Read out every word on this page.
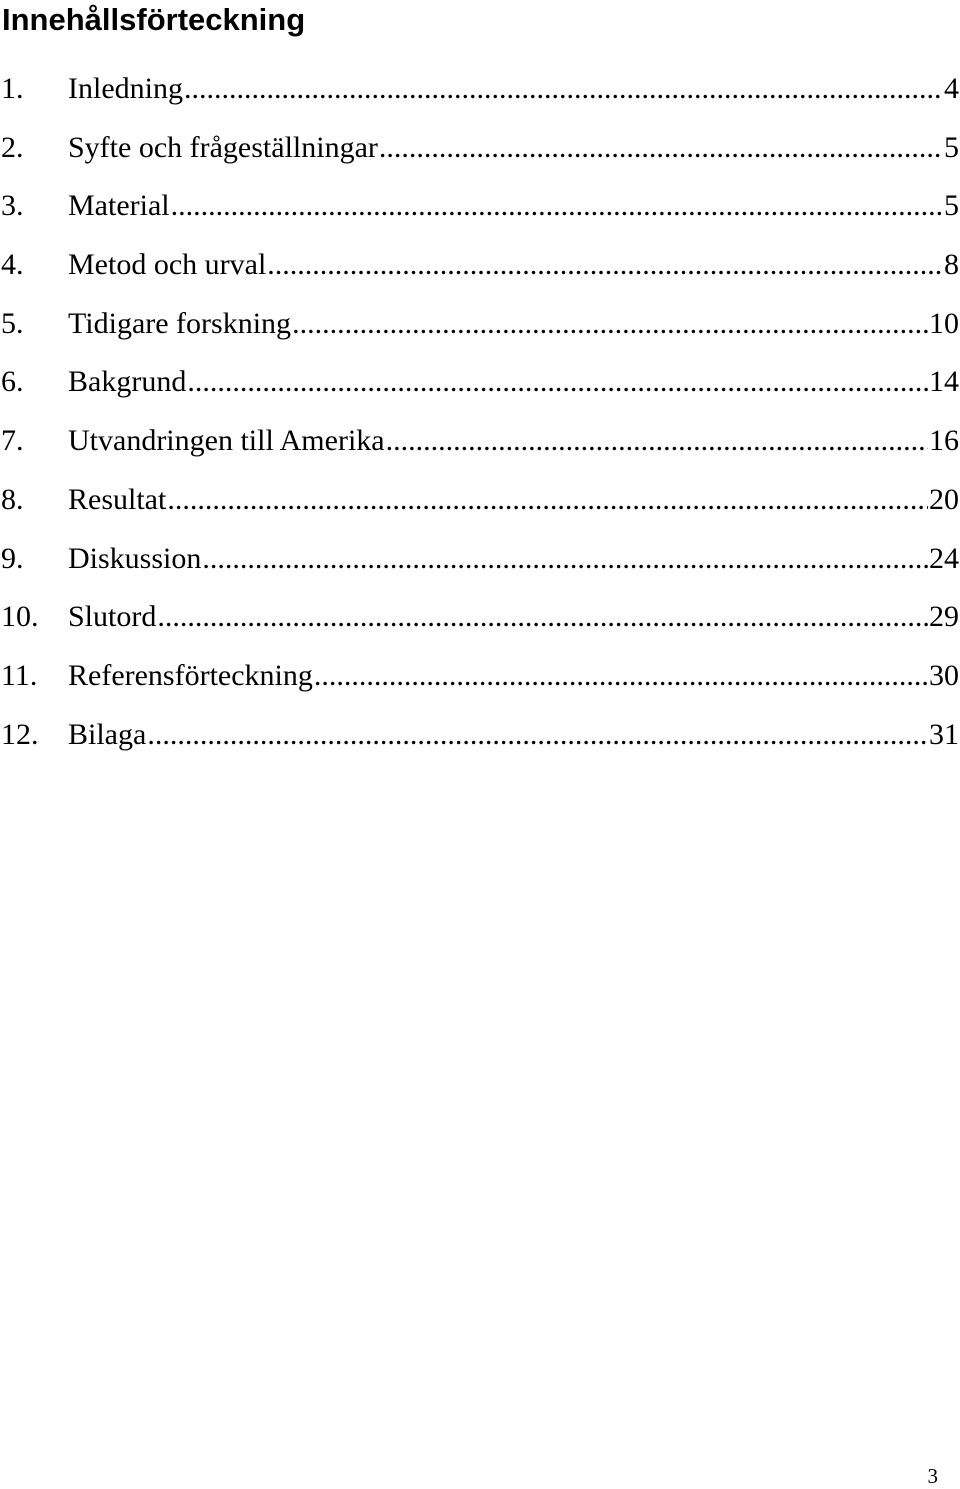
Innehållsförteckning
1.	Inledning .....	4
2.	Syfte och frågeställningar .....	5
3.	Material .....	5
4.	Metod och urval .....	8
5.	Tidigare forskning .....	10
6.	Bakgrund .....	14
7.	Utvandringen till Amerika .....	16
8.	Resultat .....	20
9.	Diskussion .....	24
10. Slutord .....	29
11.	Referensförteckning .....	30
12. Bilaga .....	31
3
